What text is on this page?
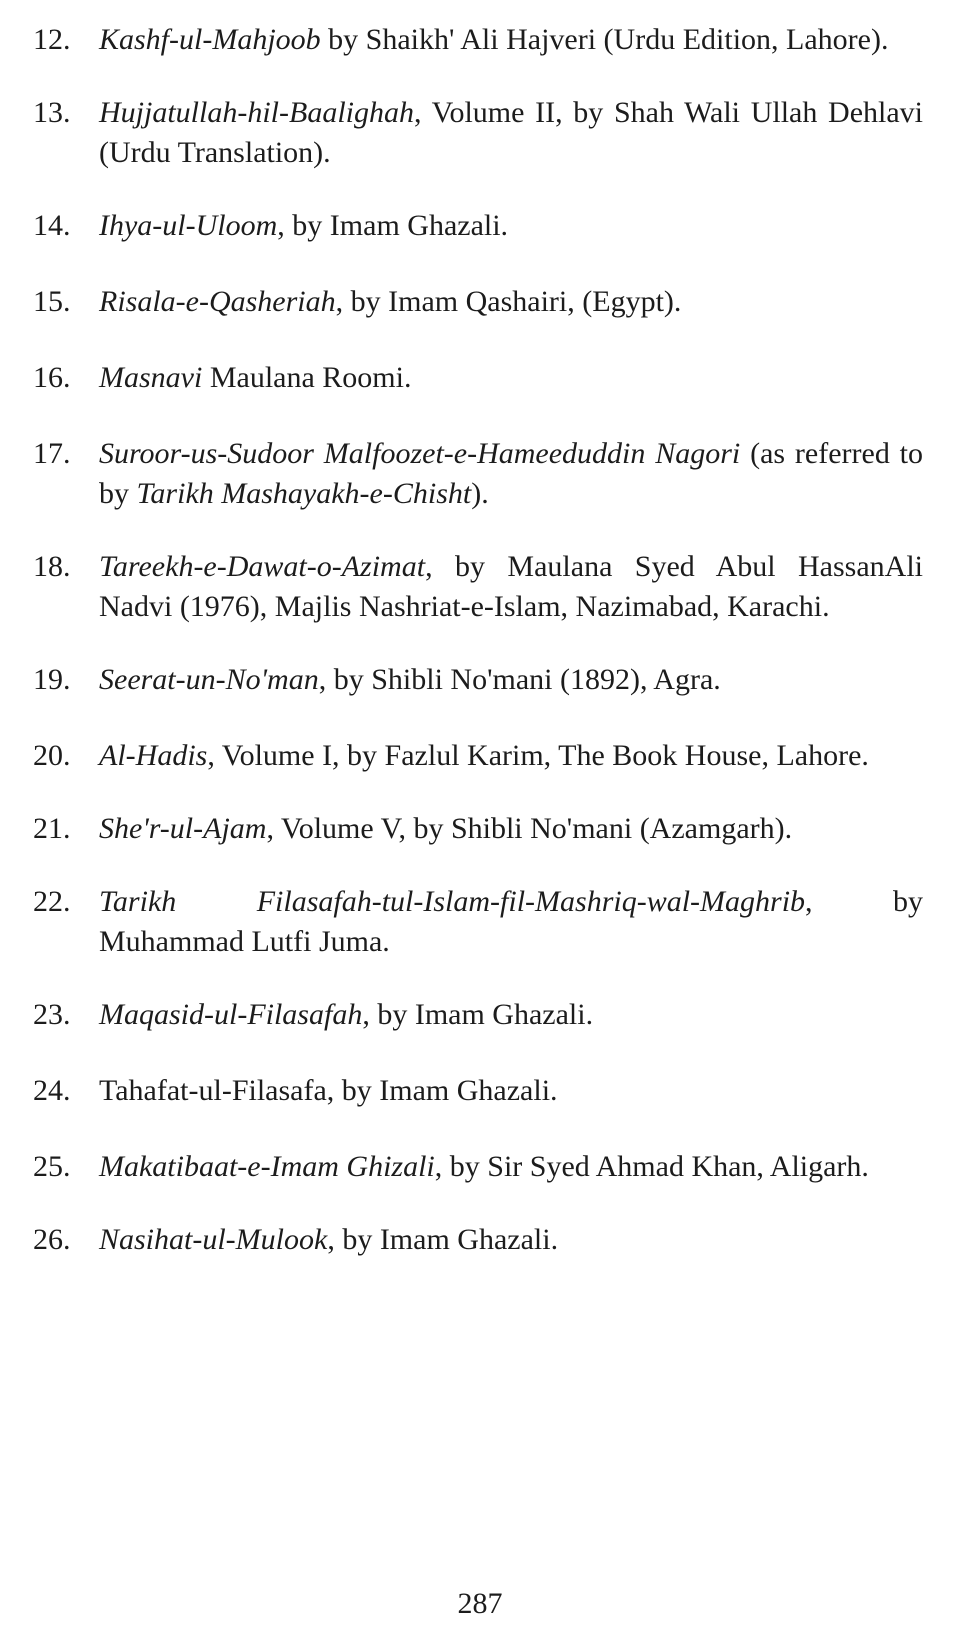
12. Kashf-ul-Mahjoob by Shaikh' Ali Hajveri (Urdu Edition, Lahore).
13. Hujjatullah-hil-Baalighah, Volume II, by Shah Wali Ullah Dehlavi (Urdu Translation).
14. Ihya-ul-Uloom, by Imam Ghazali.
15. Risala-e-Qasheriah, by Imam Qashairi, (Egypt).
16. Masnavi Maulana Roomi.
17. Suroor-us-Sudoor Malfoozet-e-Hameeduddin Nagori (as referred to by Tarikh Mashayakh-e-Chisht).
18. Tareekh-e-Dawat-o-Azimat, by Maulana Syed Abul HassanAli Nadvi (1976), Majlis Nashriat-e-Islam, Nazimabad, Karachi.
19. Seerat-un-No'man, by Shibli No'mani (1892), Agra.
20. Al-Hadis, Volume I, by Fazlul Karim, The Book House, Lahore.
21. She'r-ul-Ajam, Volume V, by Shibli No'mani (Azamgarh).
22. Tarikh Filasafah-tul-Islam-fil-Mashriq-wal-Maghrib, by Muhammad Lutfi Juma.
23. Maqasid-ul-Filasafah, by Imam Ghazali.
24. Tahafat-ul-Filasafa, by Imam Ghazali.
25. Makatibaat-e-Imam Ghizali, by Sir Syed Ahmad Khan, Aligarh.
26. Nasihat-ul-Mulook, by Imam Ghazali.
287
